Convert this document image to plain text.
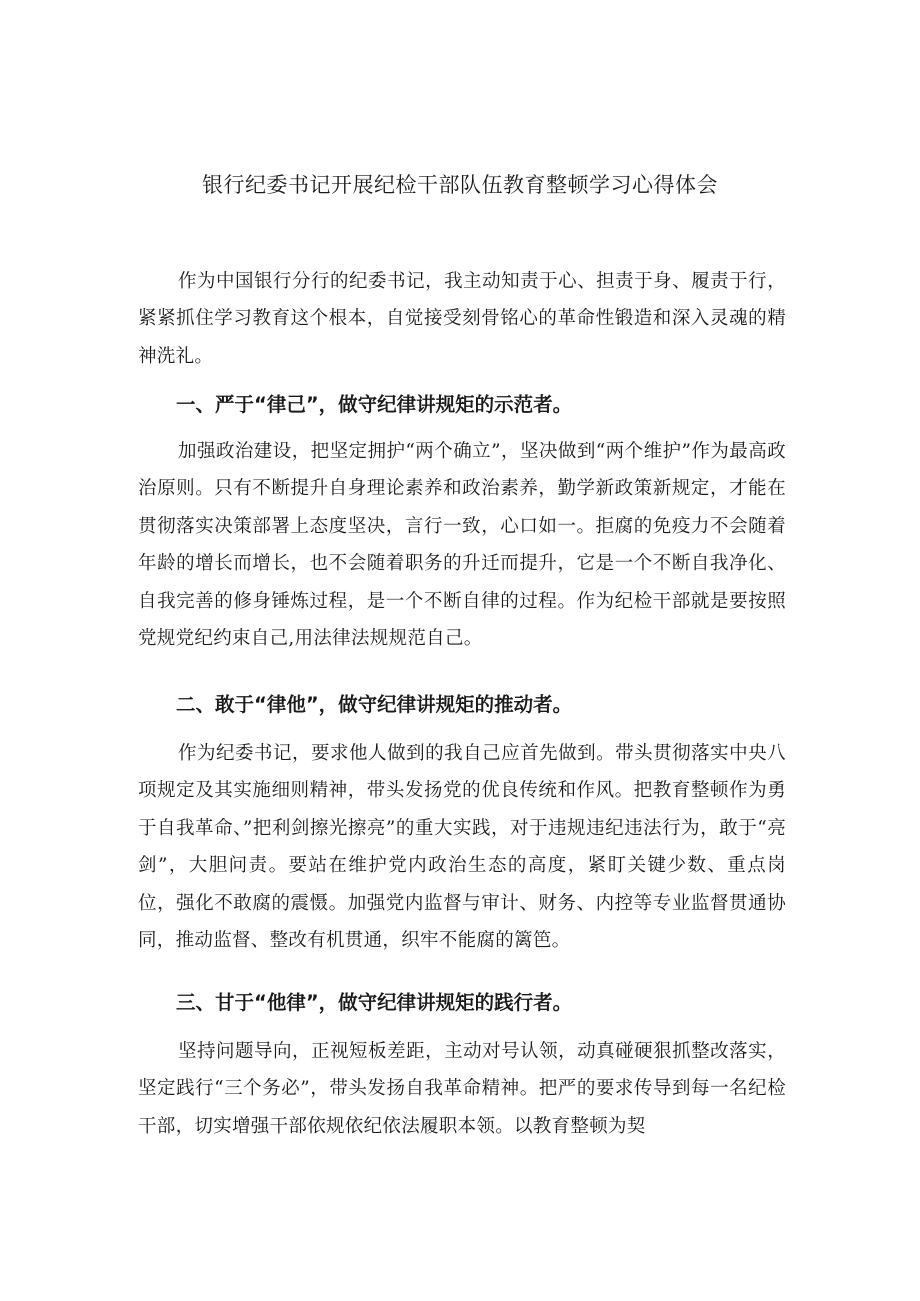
银行纪委书记开展纪检干部队伍教育整顿学习心得体会
作为中国银行分行的纪委书记，我主动知责于心、担责于身、履责于行，紧紧抓住学习教育这个根本，自觉接受刻骨铭心的革命性锻造和深入灵魂的精神洗礼。
一、严于“律己”，做守纪律讲规矩的示范者。
加强政治建设，把坚定拥护“两个确立”，坚决做到“两个维护”作为最高政治原则。只有不断提升自身理论素养和政治素养，勤学新政策新规定，才能在贯彻落实决策部署上态度坚决，言行一致，心口如一。拒腐的免疫力不会随着年龄的增长而增长，也不会随着职务的升迁而提升，它是一个不断自我净化、自我完善的修身锤炼过程，是一个不断自律的过程。作为纪检干部就是要按照党规党纪约束自己,用法律法规规范自己。
二、敢于“律他”，做守纪律讲规矩的推动者。
作为纪委书记，要求他人做到的我自己应首先做到。带头贯彻落实中央八项规定及其实施细则精神，带头发扬党的优良传统和作风。把教育整顿作为勇于自我革命、”把利剑擦光擦亮”的重大实践，对于违规违纪违法行为，敢于“亮剑”，大胆问责。要站在维护党内政治生态的高度，紧盯关键少数、重点岗位，强化不敢腐的震慑。加强党内监督与审计、财务、内控等专业监督贯通协同，推动监督、整改有机贯通，织牢不能腐的篱笆。
三、甘于“他律”，做守纪律讲规矩的践行者。
坚持问题导向，正视短板差距，主动对号认领，动真碰硬狠抓整改落实，坚定践行“三个务必”，带头发扬自我革命精神。把严的要求传导到每一名纪检干部，切实增强干部依规依纪依法履职本领。以教育整顿为契
